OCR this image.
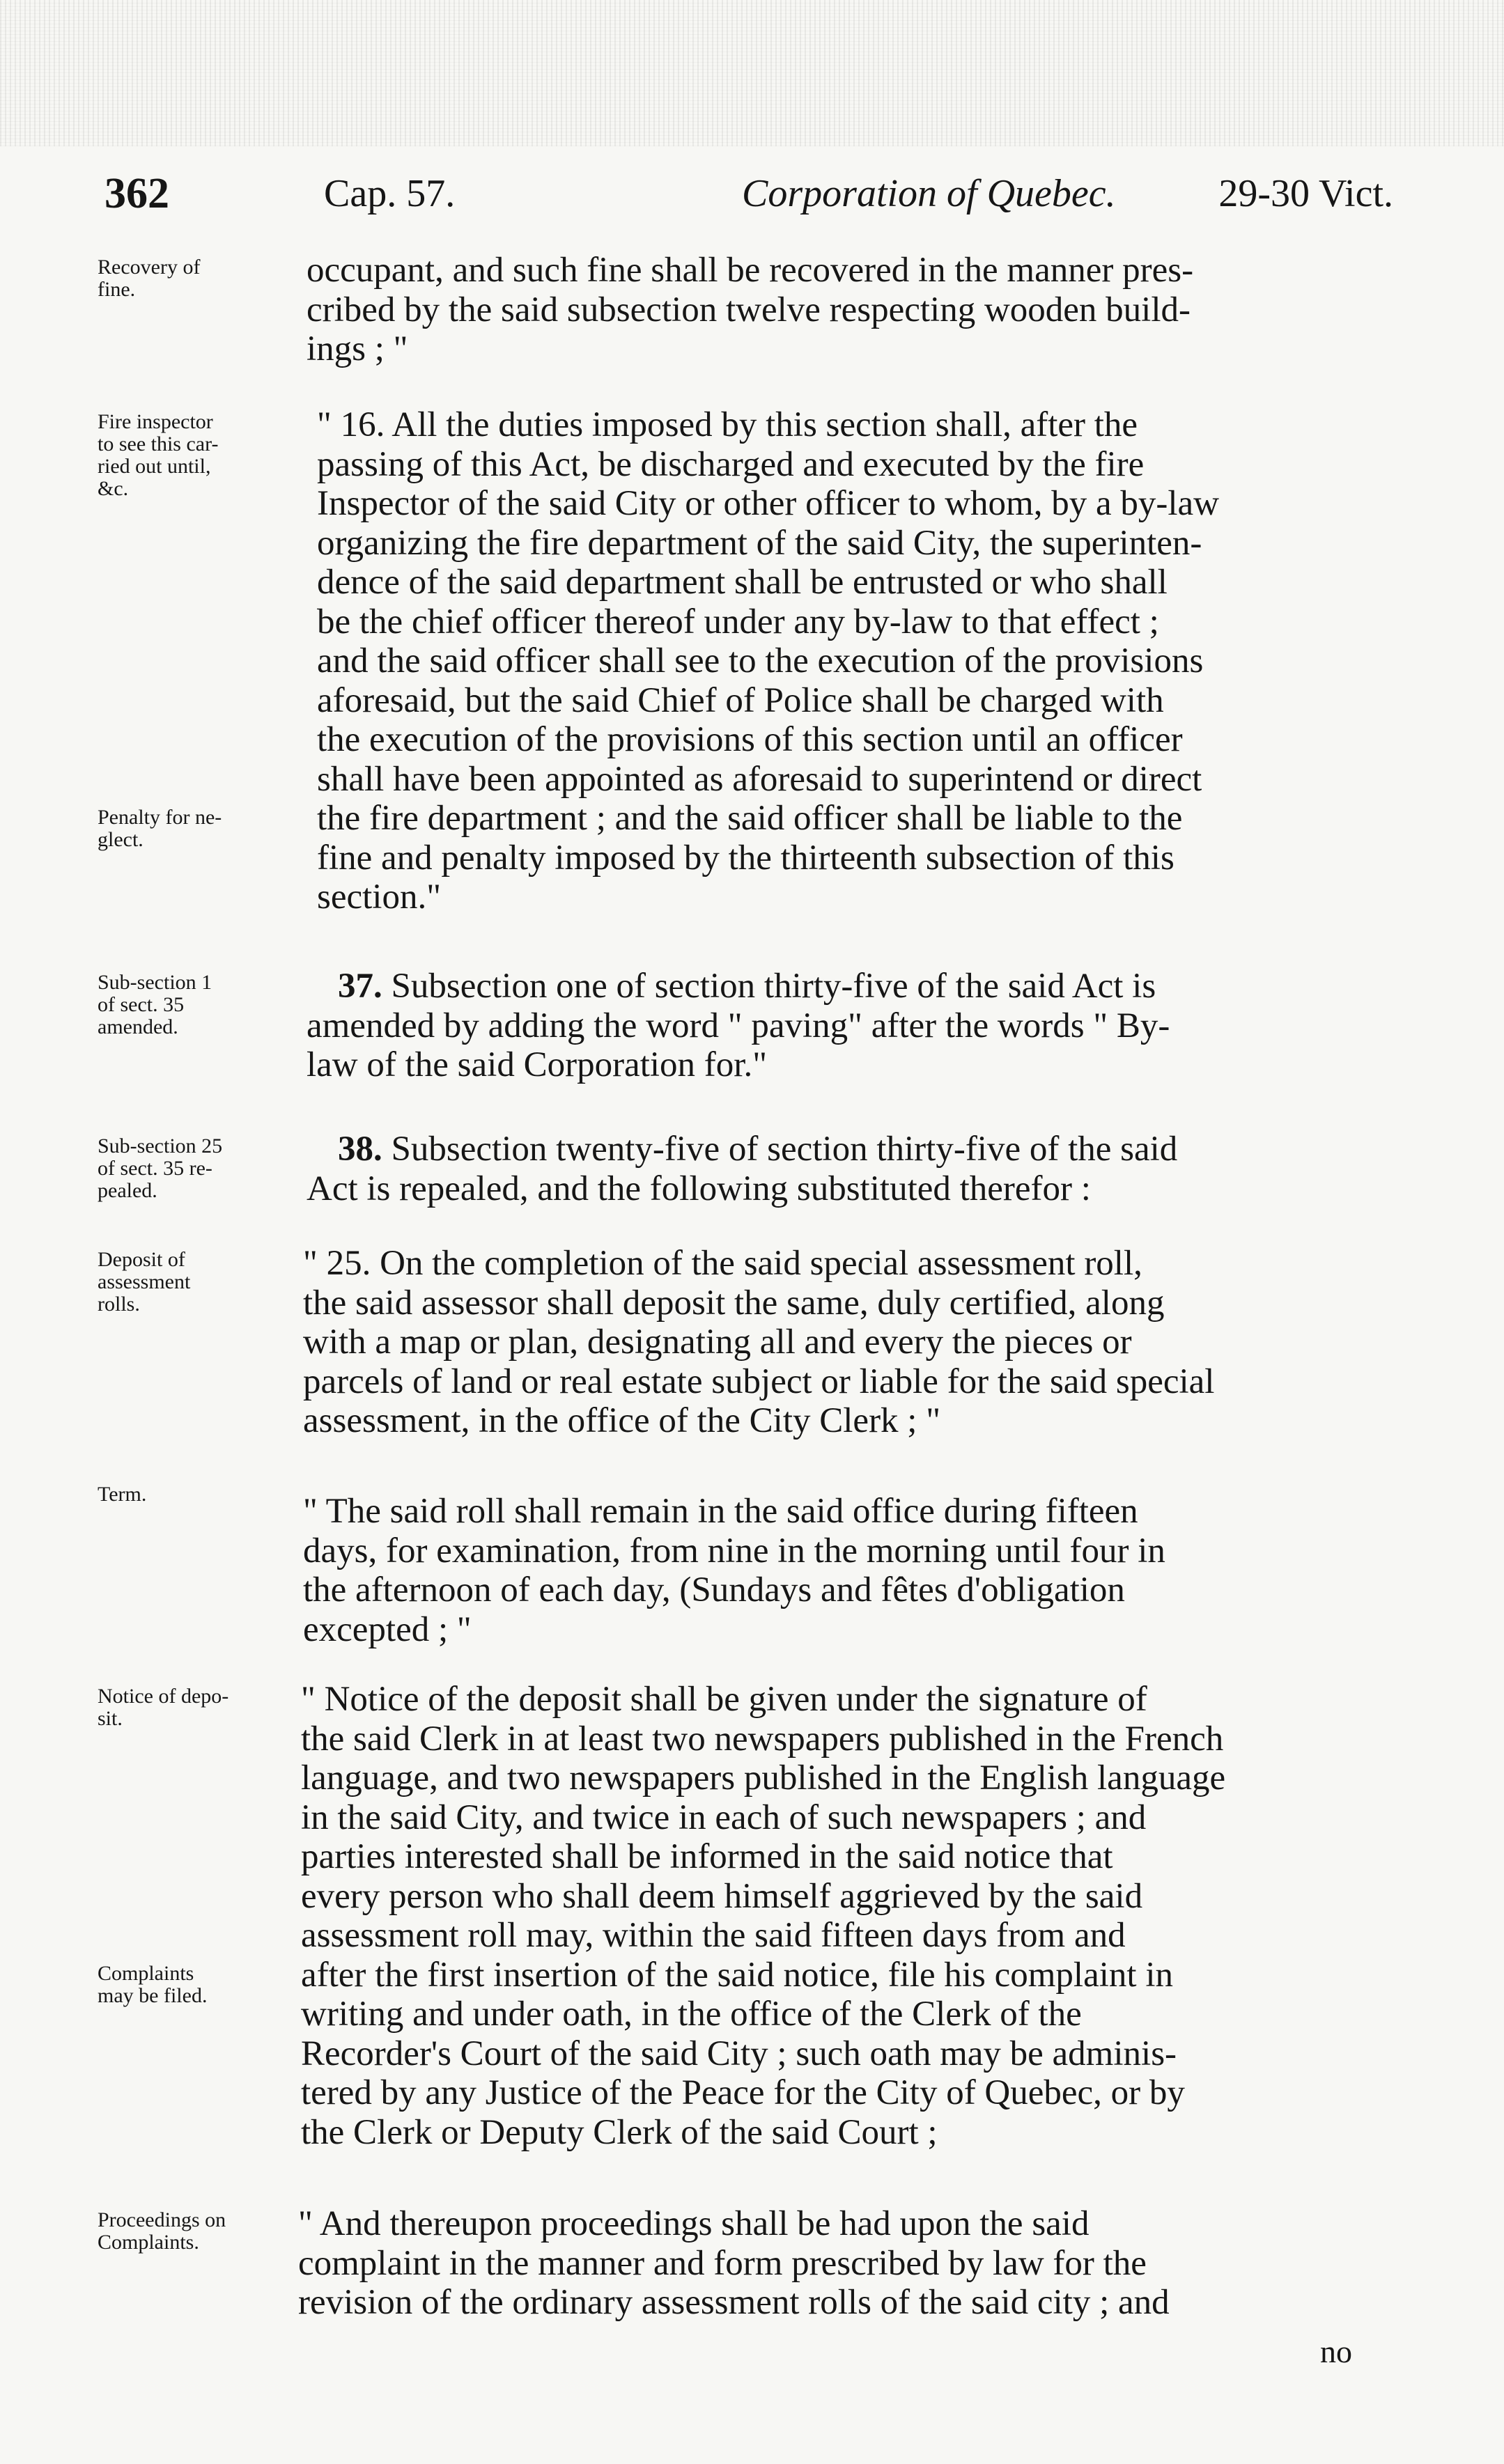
362	Cap. 57.	Corporation of Quebec.	29-30 Vict.
Recovery of
fine.	occupant, and such fine shall be recovered in the manner pres-
cribed by the said subsection twelve respecting wooden build-
ings ; "
Fire inspector
to see this car-
ried out until,
&c.
" 16. All the duties imposed by this section shall, after the
passing of this Act, be discharged and executed by the fire
Inspector of the said City or other officer to whom, by a by-law
organizing the fire department of the said City, the superinten-
dence of the said department shall be entrusted or who shall
be the chief officer thereof under any by-law to that effect ;
and the said officer shall see to the execution of the provisions
aforesaid, but the said Chief of Police shall be charged with
the execution of the provisions of this section until an officer
shall have been appointed as aforesaid to superintend or direct
the fire department ; and the said officer shall be liable to the
fine and penalty imposed by the thirteenth subsection of this
section."
Penalty for ne-
glect.
Sub-section 1
of sect. 35
amended.
37. Subsection one of section thirty-five of the said Act is
amended by adding the word " paving" after the words " By-
law of the said Corporation for."
Sub-section 25
of sect. 35 re-
pealed.
38. Subsection twenty-five of section thirty-five of the said
Act is repealed, and the following substituted therefor :
Deposit of
assessment
rolls.
" 25. On the completion of the said special assessment roll,
the said assessor shall deposit the same, duly certified, along
with a map or plan, designating all and every the pieces or
parcels of land or real estate subject or liable for the said special
assessment, in the office of the City Clerk ; "
Term.	" The said roll shall remain in the said office during fifteen
days, for examination, from nine in the morning until four in
the afternoon of each day, (Sundays and fêtes d'obligation
excepted ; "
Notice of depo-
sit.	" Notice of the deposit shall be given under the signature of
the said Clerk in at least two newspapers published in the French
language, and two newspapers published in the English language
in the said City, and twice in each of such newspapers ; and
parties interested shall be informed in the said notice that
every person who shall deem himself aggrieved by the said
assessment roll may, within the said fifteen days from and
after the first insertion of the said notice, file his complaint in
writing and under oath, in the office of the Clerk of the
Recorder's Court of the said City ; such oath may be adminis-
tered by any Justice of the Peace for the City of Quebec, or by
the Clerk or Deputy Clerk of the said Court ;
Complaints
may be filed.
Proceedings on
Complaints.	" And thereupon proceedings shall be had upon the said
complaint in the manner and form prescribed by law for the
revision of the ordinary assessment rolls of the said city ; and
no
